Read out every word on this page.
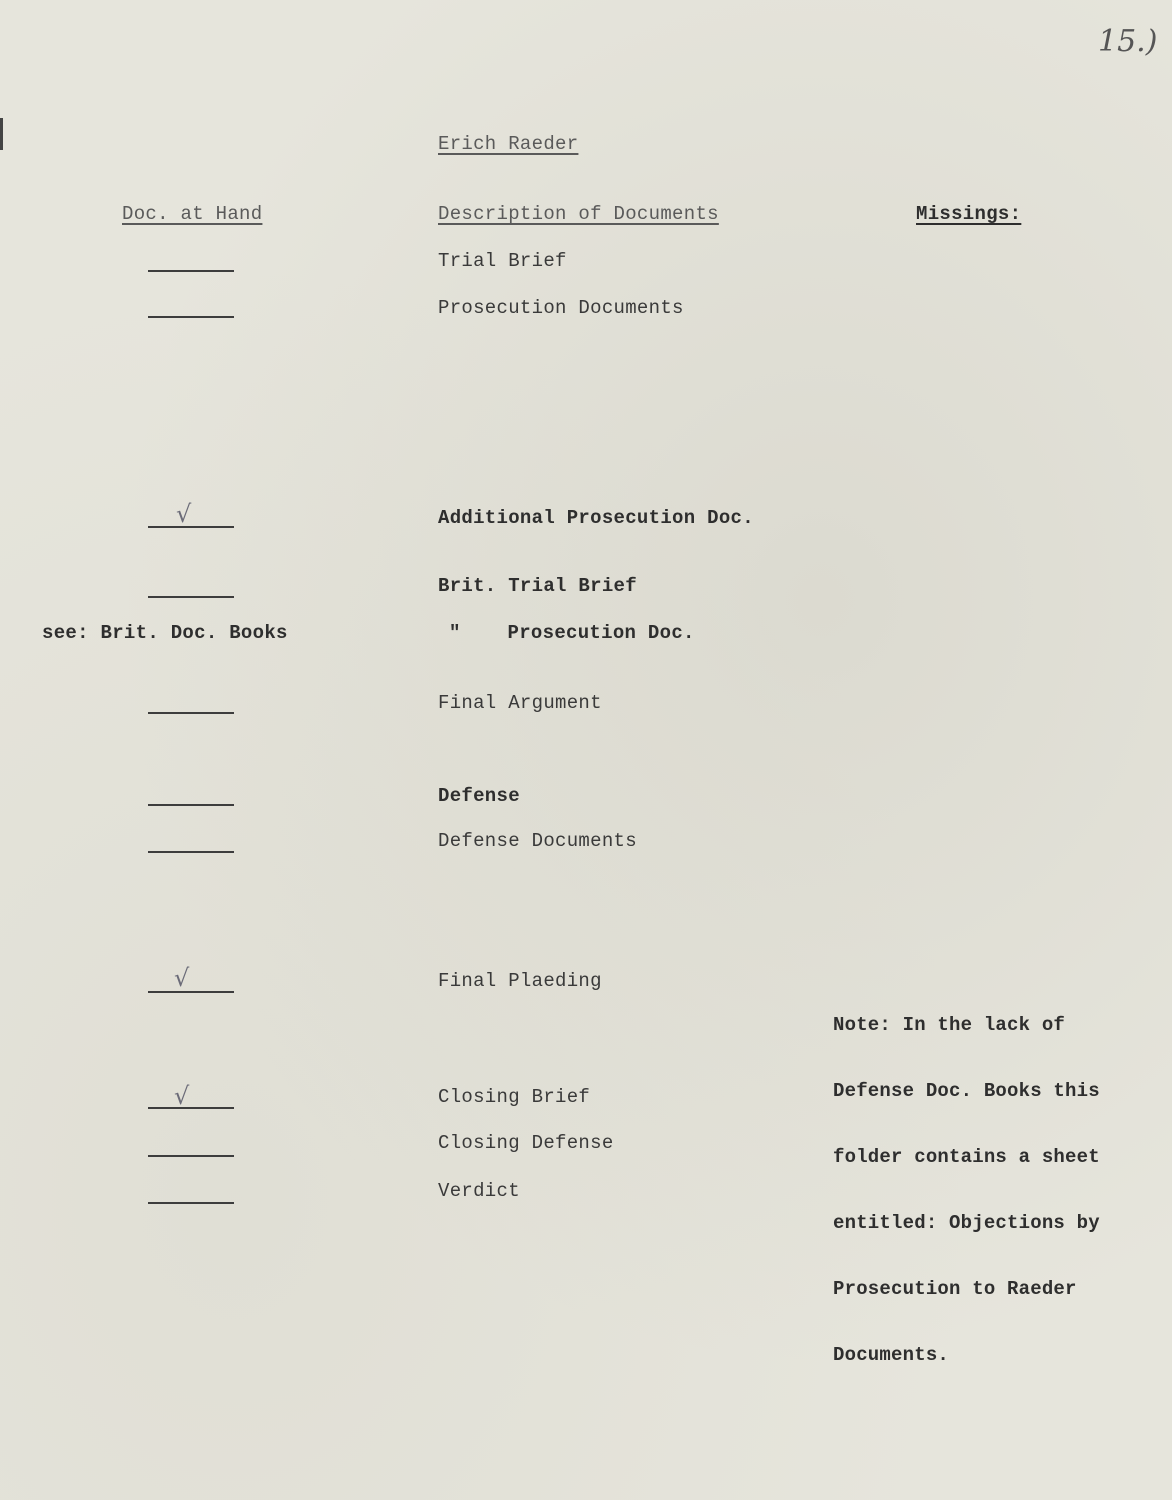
15.)
Erich Raeder
Doc. at Hand	Description of Documents	Missings:
Trial Brief
Prosecution Documents
√	Additional Prosecution Doc.
Brit. Trial Brief
see: Brit. Doc. Books	"    Prosecution Doc.
Final Argument
Defense
Defense Documents
√	Final Plaeding
√	Closing Brief
Closing Defense
Verdict

Note: In the lack of

Defense Doc. Books this

folder contains a sheet

entitled: Objections by

Prosecution to Raeder

Documents.
